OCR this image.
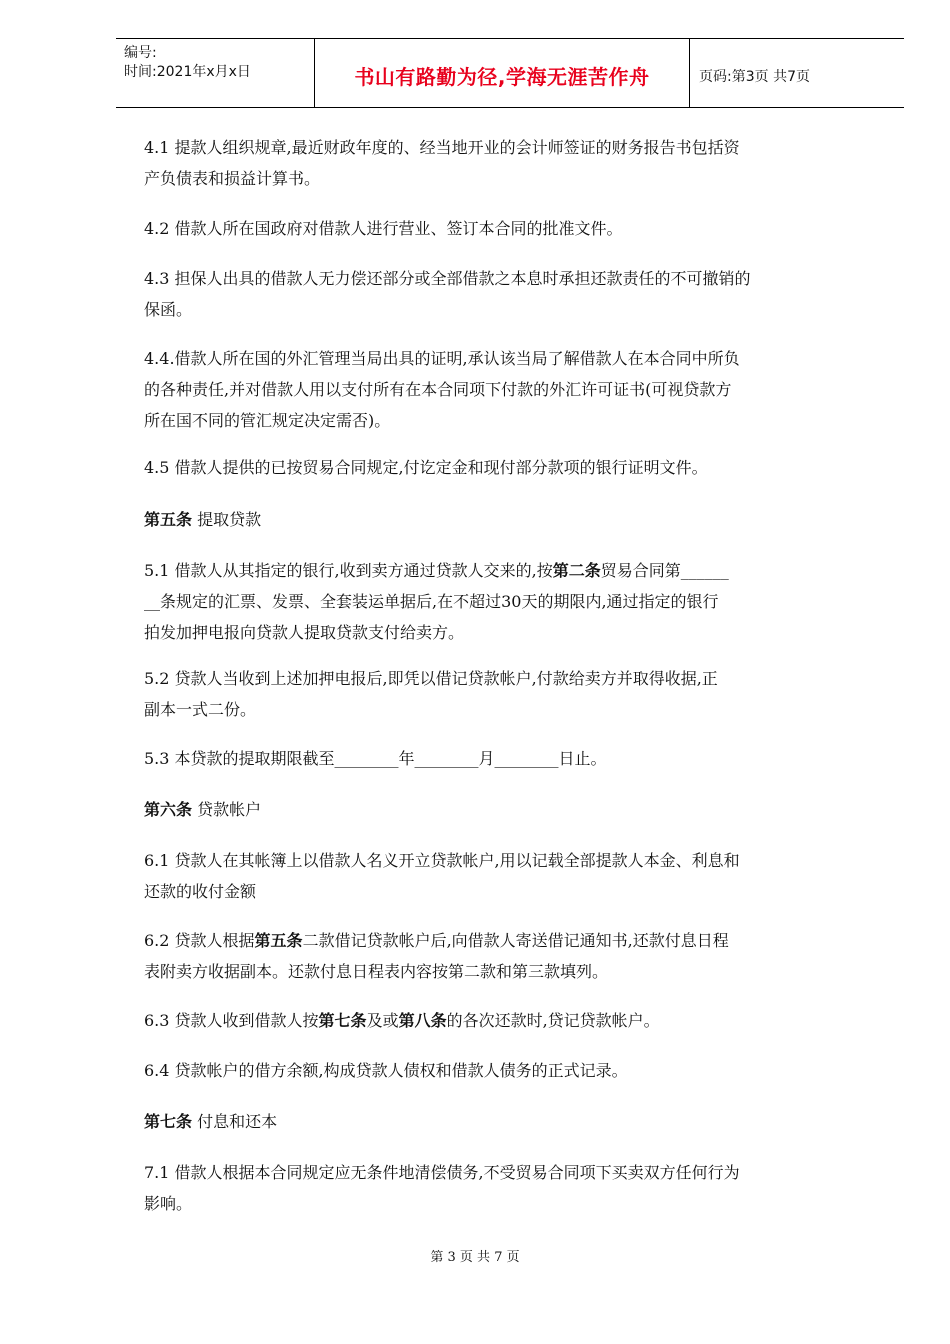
编号:
时间:2021年x月x日	书山有路勤为径,学海无涯苦作舟	页码:第3页 共7页
4.1 提款人组织规章,最近财政年度的、经当地开业的会计师签证的财务报告书包括资
产负债表和损益计算书。
4.2 借款人所在国政府对借款人进行营业、签订本合同的批准文件。
4.3 担保人出具的借款人无力偿还部分或全部借款之本息时承担还款责任的不可撤销的
保函。
4.4.借款人所在国的外汇管理当局出具的证明,承认该当局了解借款人在本合同中所负
的各种责任,并对借款人用以支付所有在本合同项下付款的外汇许可证书(可视贷款方
所在国不同的管汇规定决定需否)。
4.5 借款人提供的已按贸易合同规定,付讫定金和现付部分款项的银行证明文件。
第五条 提取贷款
5.1 借款人从其指定的银行,收到卖方通过贷款人交来的,按第二条贸易合同第______
__条规定的汇票、发票、全套装运单据后,在不超过30天的期限内,通过指定的银行
拍发加押电报向贷款人提取贷款支付给卖方。
5.2 贷款人当收到上述加押电报后,即凭以借记贷款帐户,付款给卖方并取得收据,正
副本一式二份。
5.3 本贷款的提取期限截至________年________月________日止。
第六条 贷款帐户
6.1 贷款人在其帐簿上以借款人名义开立贷款帐户,用以记载全部提款人本金、利息和
还款的收付金额
6.2 贷款人根据第五条二款借记贷款帐户后,向借款人寄送借记通知书,还款付息日程
表附卖方收据副本。还款付息日程表内容按第二款和第三款填列。
6.3 贷款人收到借款人按第七条及或第八条的各次还款时,贷记贷款帐户。
6.4 贷款帐户的借方余额,构成贷款人债权和借款人债务的正式记录。
第七条 付息和还本
7.1 借款人根据本合同规定应无条件地清偿债务,不受贸易合同项下买卖双方任何行为
影响。
第 3 页 共 7 页
